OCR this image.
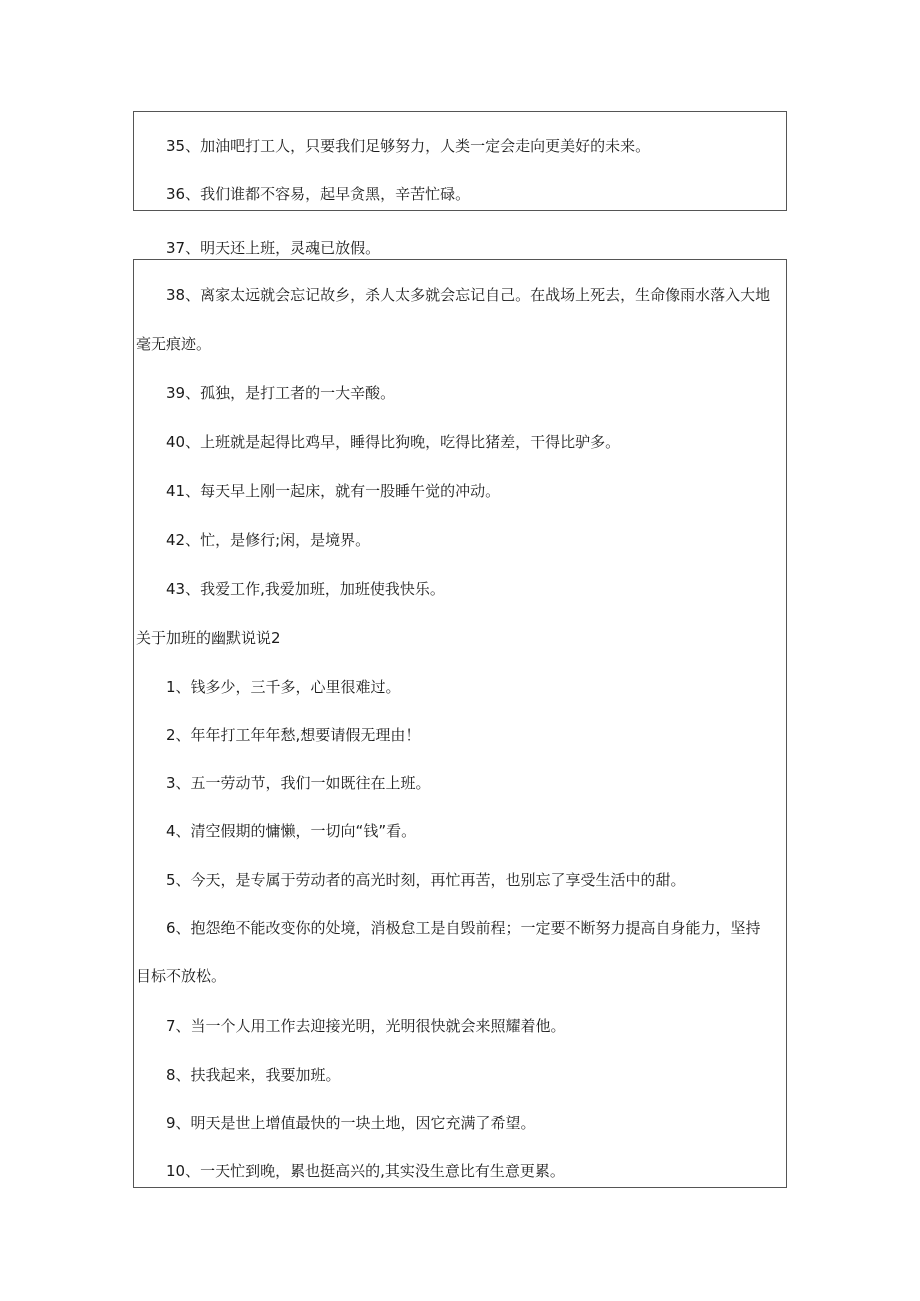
35、加油吧打工人，只要我们足够努力，人类一定会走向更美好的未来。
36、我们谁都不容易，起早贪黑，辛苦忙碌。
37、明天还上班，灵魂已放假。
38、离家太远就会忘记故乡，杀人太多就会忘记自己。在战场上死去，生命像雨水落入大地
毫无痕迹。
39、孤独，是打工者的一大辛酸。
40、上班就是起得比鸡早，睡得比狗晚，吃得比猪差，干得比驴多。
41、每天早上刚一起床，就有一股睡午觉的冲动。
42、忙，是修行;闲，是境界。
43、我爱工作,我爱加班，加班使我快乐。
关于加班的幽默说说2
1、钱多少，三千多，心里很难过。
2、年年打工年年愁,想要请假无理由！
3、五一劳动节，我们一如既往在上班。
4、清空假期的慵懒，一切向“钱”看。
5、今天，是专属于劳动者的高光时刻，再忙再苦，也别忘了享受生活中的甜。
6、抱怨绝不能改变你的处境，消极怠工是自毁前程；一定要不断努力提高自身能力，坚持
目标不放松。
7、当一个人用工作去迎接光明，光明很快就会来照耀着他。
8、扶我起来，我要加班。
9、明天是世上增值最快的一块土地，因它充满了希望。
10、一天忙到晚，累也挺高兴的,其实没生意比有生意更累。
